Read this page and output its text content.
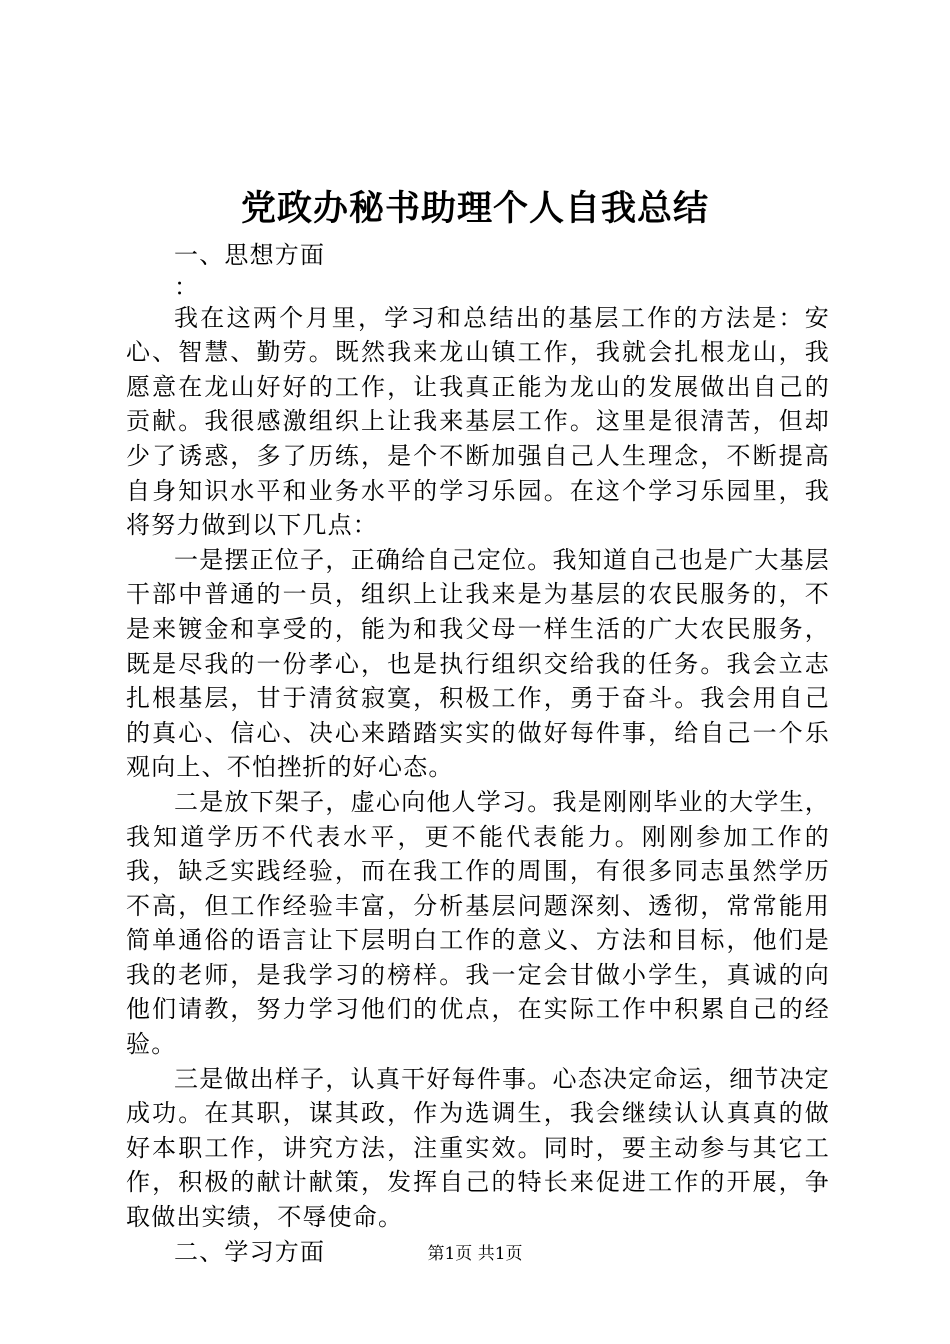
党政办秘书助理个人自我总结

一、思想方面

：

我在这两个月里，学习和总结出的基层工作的方法是：安心、智慧、勤劳。既然我来龙山镇工作，我就会扎根龙山，我愿意在龙山好好的工作，让我真正能为龙山的发展做出自己的贡献。我很感激组织上让我来基层工作。这里是很清苦，但却少了诱惑，多了历练，是个不断加强自己人生理念，不断提高自身知识水平和业务水平的学习乐园。在这个学习乐园里，我将努力做到以下几点：

一是摆正位子，正确给自己定位。我知道自己也是广大基层干部中普通的一员，组织上让我来是为基层的农民服务的，不是来镀金和享受的，能为和我父母一样生活的广大农民服务，既是尽我的一份孝心，也是执行组织交给我的任务。我会立志扎根基层，甘于清贫寂寞，积极工作，勇于奋斗。我会用自己的真心、信心、决心来踏踏实实的做好每件事，给自己一个乐观向上、不怕挫折的好心态。

二是放下架子，虚心向他人学习。我是刚刚毕业的大学生，我知道学历不代表水平，更不能代表能力。刚刚参加工作的我，缺乏实践经验，而在我工作的周围，有很多同志虽然学历不高，但工作经验丰富，分析基层问题深刻、透彻，常常能用简单通俗的语言让下层明白工作的意义、方法和目标，他们是我的老师，是我学习的榜样。我一定会甘做小学生，真诚的向他们请教，努力学习他们的优点，在实际工作中积累自己的经验。

三是做出样子，认真干好每件事。心态决定命运，细节决定成功。在其职，谋其政，作为选调生，我会继续认认真真的做好本职工作，讲究方法，注重实效。同时，要主动参与其它工作，积极的献计献策，发挥自己的特长来促进工作的开展，争取做出实绩，不辱使命。

二、学习方面	第1页 共1页
